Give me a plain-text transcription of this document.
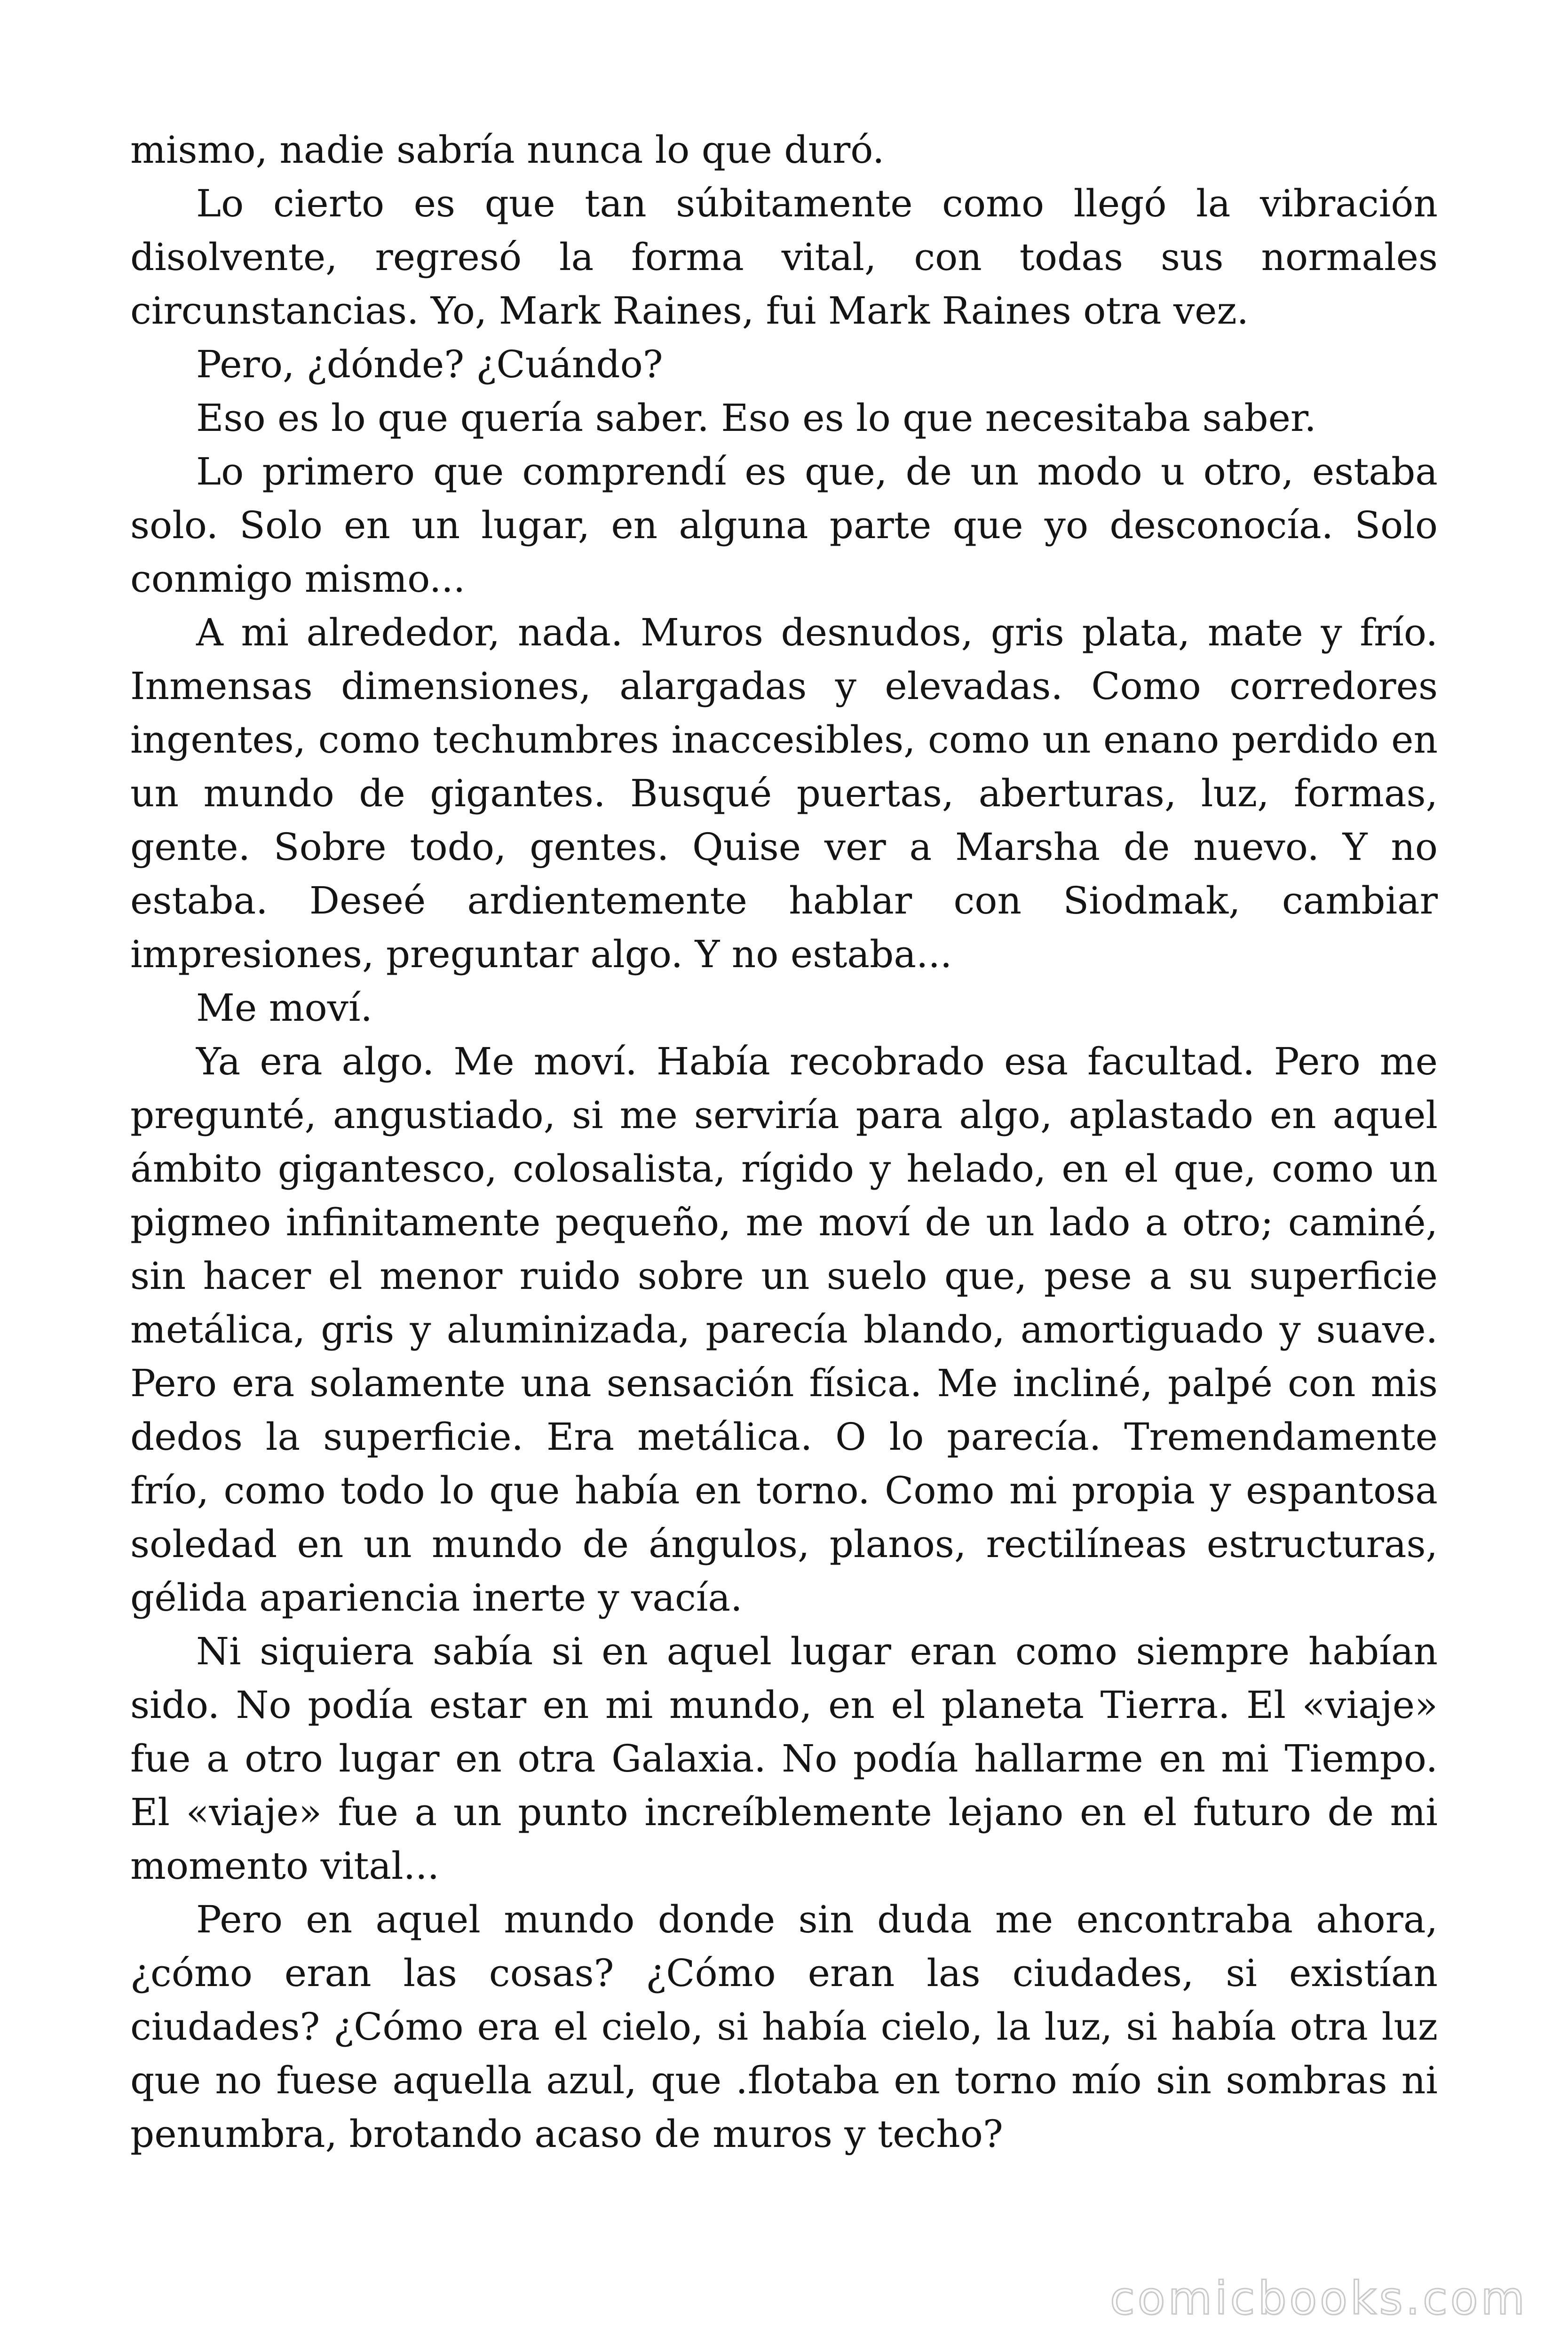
mismo, nadie sabría nunca lo que duró.

Lo cierto es que tan súbitamente como llegó la vibración disolvente, regresó la forma vital, con todas sus normales circunstancias. Yo, Mark Raines, fui Mark Raines otra vez.

Pero, ¿dónde? ¿Cuándo?

Eso es lo que quería saber. Eso es lo que necesitaba saber.

Lo primero que comprendí es que, de un modo u otro, estaba solo. Solo en un lugar, en alguna parte que yo desconocía. Solo conmigo mismo...

A mi alrededor, nada. Muros desnudos, gris plata, mate y frío. Inmensas dimensiones, alargadas y elevadas. Como corredores ingentes, como techumbres inaccesibles, como un enano perdido en un mundo de gigantes. Busqué puertas, aberturas, luz, formas, gente. Sobre todo, gentes. Quise ver a Marsha de nuevo. Y no estaba. Deseé ardientemente hablar con Siodmak, cambiar impresiones, preguntar algo. Y no estaba...

Me moví.

Ya era algo. Me moví. Había recobrado esa facultad. Pero me pregunté, angustiado, si me serviría para algo, aplastado en aquel ámbito gigantesco, colosalista, rígido y helado, en el que, como un pigmeo infinitamente pequeño, me moví de un lado a otro; caminé, sin hacer el menor ruido sobre un suelo que, pese a su superficie metálica, gris y aluminizada, parecía blando, amortiguado y suave. Pero era solamente una sensación física. Me incliné, palpé con mis dedos la superficie. Era metálica. O lo parecía. Tremendamente frío, como todo lo que había en torno. Como mi propia y espantosa soledad en un mundo de ángulos, planos, rectilíneas estructuras, gélida apariencia inerte y vacía.

Ni siquiera sabía si en aquel lugar eran como siempre habían sido. No podía estar en mi mundo, en el planeta Tierra. El «viaje» fue a otro lugar en otra Galaxia. No podía hallarme en mi Tiempo. El «viaje» fue a un punto increíblemente lejano en el futuro de mi momento vital...

Pero en aquel mundo donde sin duda me encontraba ahora, ¿cómo eran las cosas? ¿Cómo eran las ciudades, si existían ciudades? ¿Cómo era el cielo, si había cielo, la luz, si había otra luz que no fuese aquella azul, que .flotaba en torno mío sin sombras ni penumbra, brotando acaso de muros y techo?

comicbooks.com
